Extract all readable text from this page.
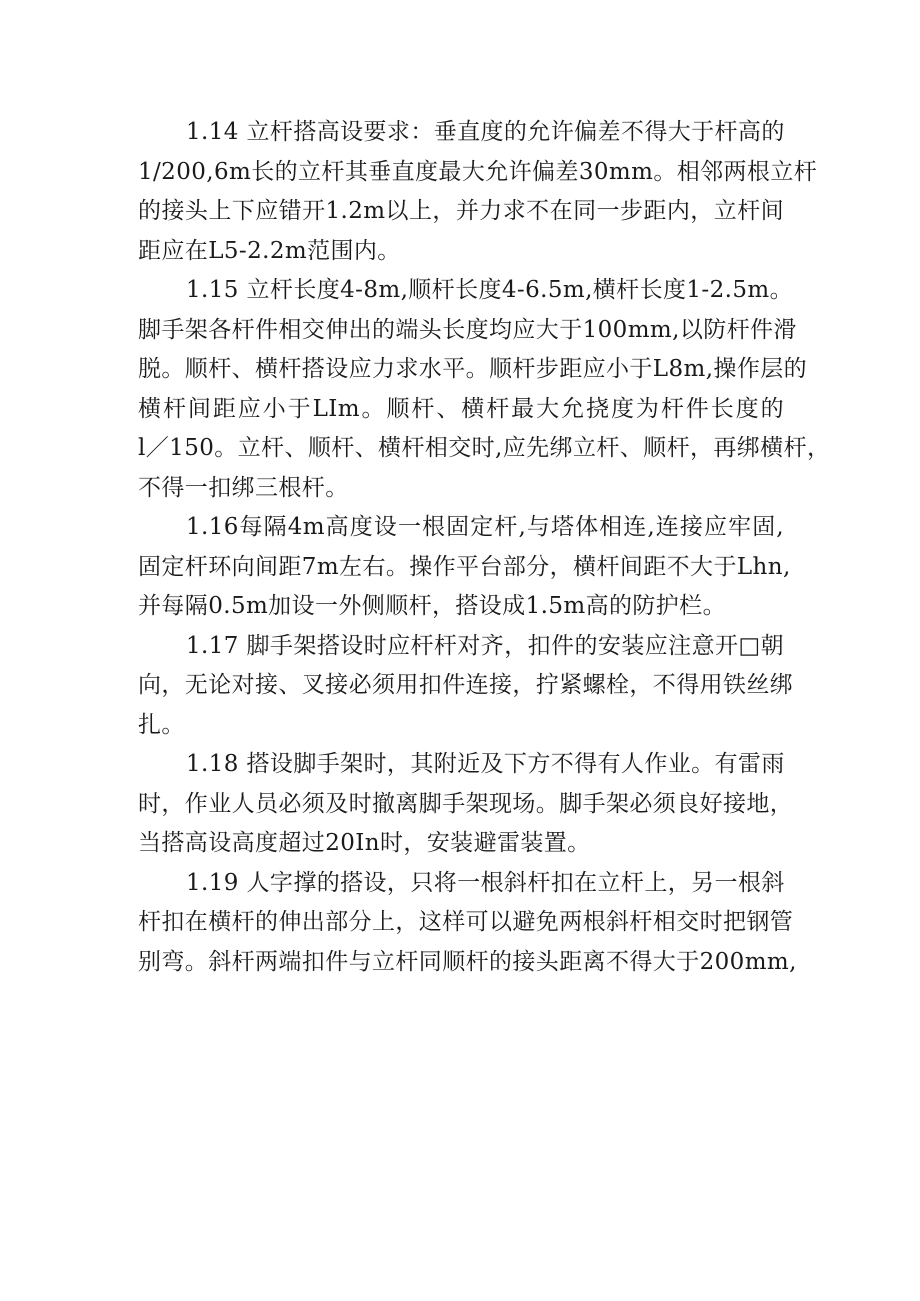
1.14 立杆搭高设要求：垂直度的允许偏差不得大于杆高的
1/200,6m长的立杆其垂直度最大允许偏差30mm。相邻两根立杆
的接头上下应错开1.2m以上，并力求不在同一步距内，立杆间
距应在L5-2.2m范围内。
1.15 立杆长度4-8m,顺杆长度4-6.5m,横杆长度1-2.5m。
脚手架各杆件相交伸出的端头长度均应大于100mm,以防杆件滑
脱。顺杆、横杆搭设应力求水平。顺杆步距应小于L8m,操作层的
横杆间距应小于LIm。顺杆、横杆最大允挠度为杆件长度的
l／150。立杆、顺杆、横杆相交时,应先绑立杆、顺杆，再绑横杆，
不得一扣绑三根杆。
1.16每隔4m高度设一根固定杆,与塔体相连,连接应牢固,
固定杆环向间距7m左右。操作平台部分，横杆间距不大于Lhn,
并每隔0.5m加设一外侧顺杆，搭设成1.5m高的防护栏。
1.17 脚手架搭设时应杆杆对齐，扣件的安装应注意开□朝
向，无论对接、叉接必须用扣件连接，拧紧螺栓，不得用铁丝绑
扎。
1.18 搭设脚手架时，其附近及下方不得有人作业。有雷雨
时，作业人员必须及时撤离脚手架现场。脚手架必须良好接地，
当搭高设高度超过20In时，安装避雷装置。
1.19 人字撑的搭设，只将一根斜杆扣在立杆上，另一根斜
杆扣在横杆的伸出部分上，这样可以避免两根斜杆相交时把钢管
别弯。斜杆两端扣件与立杆同顺杆的接头距离不得大于200mm,
